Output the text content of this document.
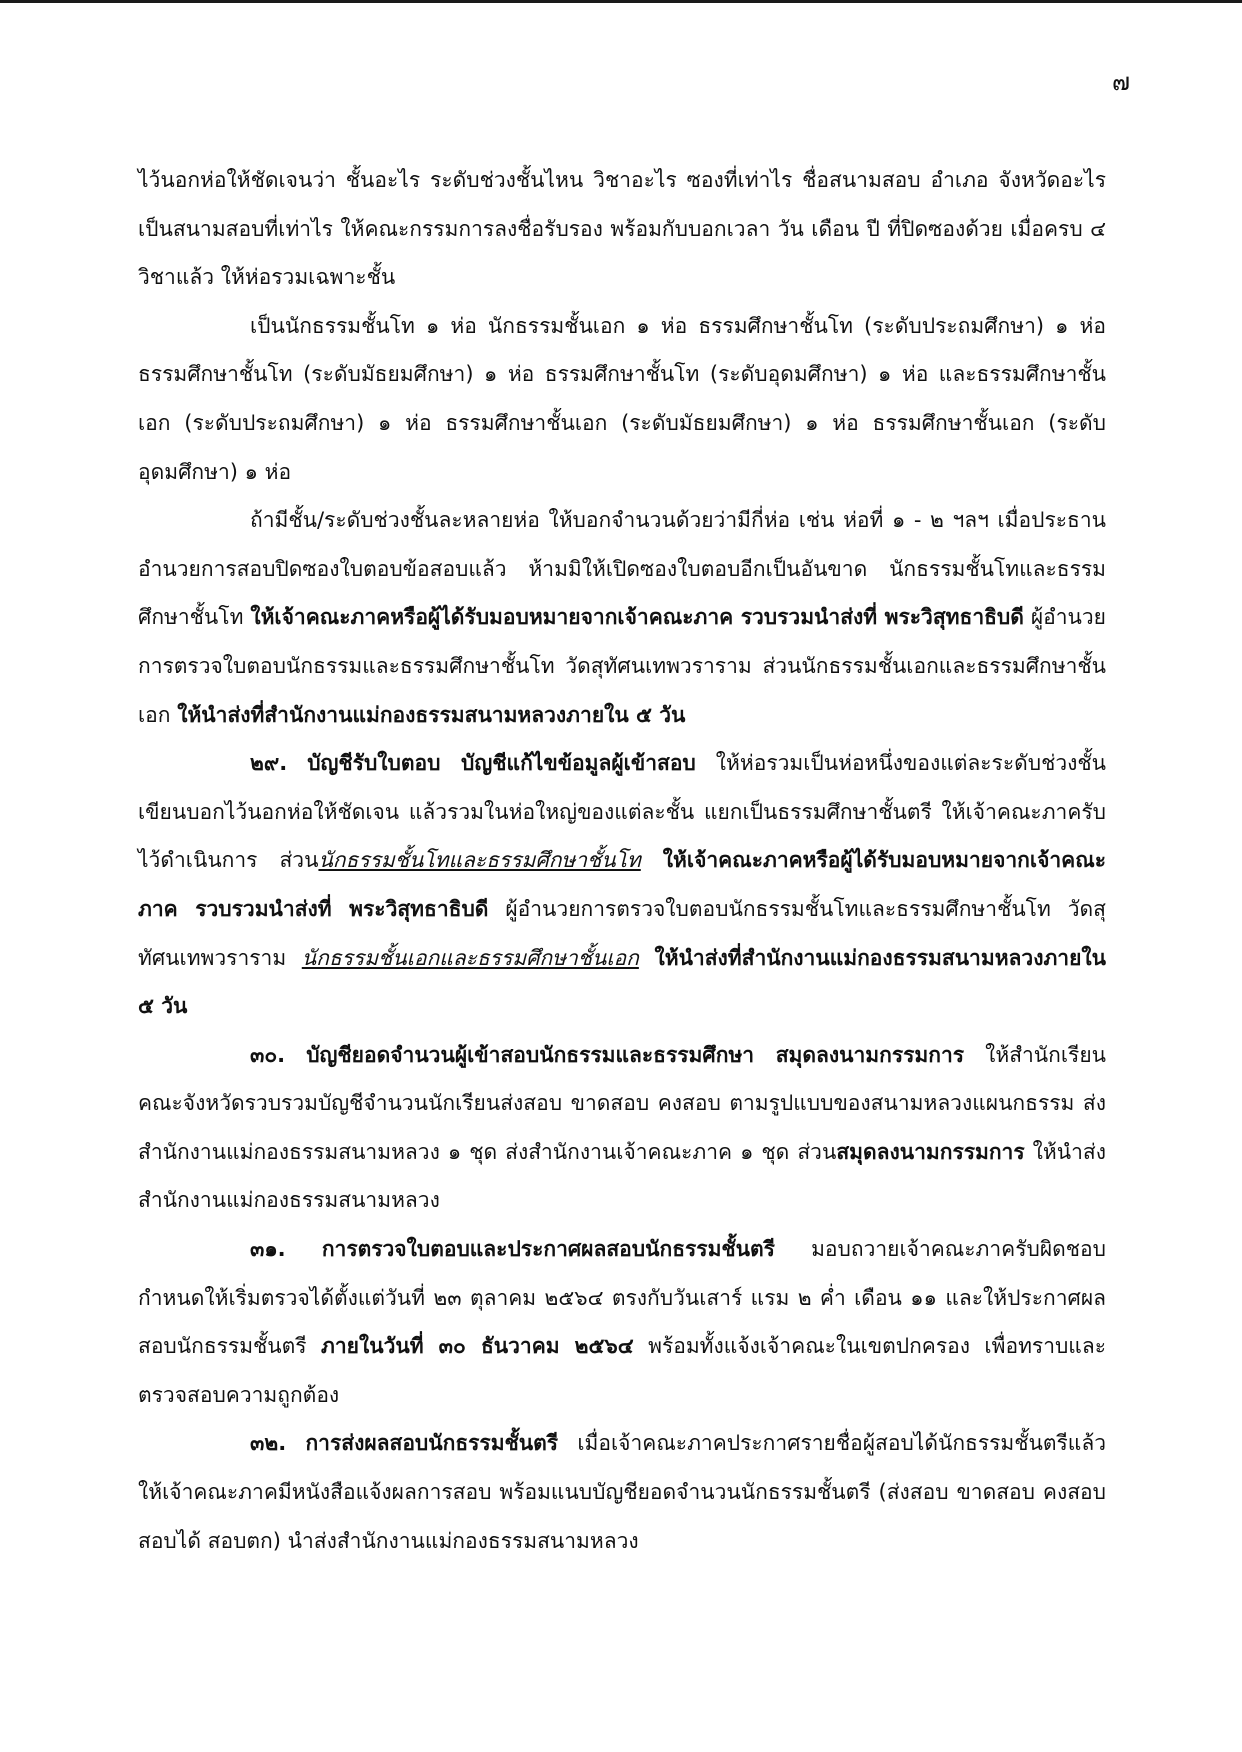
๗

ไว้นอกห่อให้ชัดเจนว่า ชั้นอะไร ระดับช่วงชั้นไหน วิชาอะไร ซองที่เท่าไร ชื่อสนามสอบ อำเภอ จังหวัดอะไร เป็นสนามสอบที่เท่าไร ให้คณะกรรมการลงชื่อรับรอง พร้อมกับบอกเวลา วัน เดือน ปี ที่ปิดซองด้วย เมื่อครบ ๔ วิชาแล้ว ให้ห่อรวมเฉพาะชั้น

เป็นนักธรรมชั้นโท ๑ ห่อ นักธรรมชั้นเอก ๑ ห่อ ธรรมศึกษาชั้นโท (ระดับประถมศึกษา) ๑ ห่อ ธรรมศึกษาชั้นโท (ระดับมัธยมศึกษา) ๑ ห่อ ธรรมศึกษาชั้นโท (ระดับอุดมศึกษา) ๑ ห่อ และธรรมศึกษาชั้นเอก (ระดับประถมศึกษา) ๑ ห่อ ธรรมศึกษาชั้นเอก (ระดับมัธยมศึกษา) ๑ ห่อ ธรรมศึกษาชั้นเอก (ระดับอุดมศึกษา) ๑ ห่อ

ถ้ามีชั้น/ระดับช่วงชั้นละหลายห่อ ให้บอกจำนวนด้วยว่ามีกี่ห่อ เช่น ห่อที่ ๑ - ๒ ฯลฯ เมื่อประธานอำนวยการสอบปิดซองใบตอบข้อสอบแล้ว ห้ามมิให้เปิดซองใบตอบอีกเป็นอันขาด นักธรรมชั้นโทและธรรมศึกษาชั้นโท ให้เจ้าคณะภาคหรือผู้ได้รับมอบหมายจากเจ้าคณะภาค รวบรวมนำส่งที่ พระวิสุทธาธิบดี ผู้อำนวยการตรวจใบตอบนักธรรมและธรรมศึกษาชั้นโท วัดสุทัศนเทพวราราม ส่วนนักธรรมชั้นเอกและธรรมศึกษาชั้นเอก ให้นำส่งที่สำนักงานแม่กองธรรมสนามหลวงภายใน ๕ วัน

๒๙. บัญชีรับใบตอบ บัญชีแก้ไขข้อมูลผู้เข้าสอบ ให้ห่อรวมเป็นห่อหนึ่งของแต่ละระดับช่วงชั้นเขียนบอกไว้นอกห่อให้ชัดเจน แล้วรวมในห่อใหญ่ของแต่ละชั้น แยกเป็นธรรมศึกษาชั้นตรี ให้เจ้าคณะภาครับไว้ดำเนินการ ส่วนนักธรรมชั้นโทและธรรมศึกษาชั้นโท ให้เจ้าคณะภาคหรือผู้ได้รับมอบหมายจากเจ้าคณะภาค รวบรวมนำส่งที่ พระวิสุทธาธิบดี ผู้อำนวยการตรวจใบตอบนักธรรมชั้นโทและธรรมศึกษาชั้นโท วัดสุทัศนเทพวราราม นักธรรมชั้นเอกและธรรมศึกษาชั้นเอก ให้นำส่งที่สำนักงานแม่กองธรรมสนามหลวงภายใน ๕ วัน

๓๐. บัญชียอดจำนวนผู้เข้าสอบนักธรรมและธรรมศึกษา สมุดลงนามกรรมการ ให้สำนักเรียนคณะจังหวัดรวบรวมบัญชีจำนวนนักเรียนส่งสอบ ขาดสอบ คงสอบ ตามรูปแบบของสนามหลวงแผนกธรรม ส่งสำนักงานแม่กองธรรมสนามหลวง ๑ ชุด ส่งสำนักงานเจ้าคณะภาค ๑ ชุด ส่วนสมุดลงนามกรรมการ ให้นำส่งสำนักงานแม่กองธรรมสนามหลวง

๓๑. การตรวจใบตอบและประกาศผลสอบนักธรรมชั้นตรี มอบถวายเจ้าคณะภาครับผิดชอบ กำหนดให้เริ่มตรวจได้ตั้งแต่วันที่ ๒๓ ตุลาคม ๒๕๖๔ ตรงกับวันเสาร์ แรม ๒ ค่ำ เดือน ๑๑ และให้ประกาศผลสอบนักธรรมชั้นตรี ภายในวันที่ ๓๐ ธันวาคม ๒๕๖๔ พร้อมทั้งแจ้งเจ้าคณะในเขตปกครอง เพื่อทราบและตรวจสอบความถูกต้อง

๓๒. การส่งผลสอบนักธรรมชั้นตรี เมื่อเจ้าคณะภาคประกาศรายชื่อผู้สอบได้นักธรรมชั้นตรีแล้ว ให้เจ้าคณะภาคมีหนังสือแจ้งผลการสอบ พร้อมแนบบัญชียอดจำนวนนักธรรมชั้นตรี (ส่งสอบ ขาดสอบ คงสอบ สอบได้ สอบตก) นำส่งสำนักงานแม่กองธรรมสนามหลวง
